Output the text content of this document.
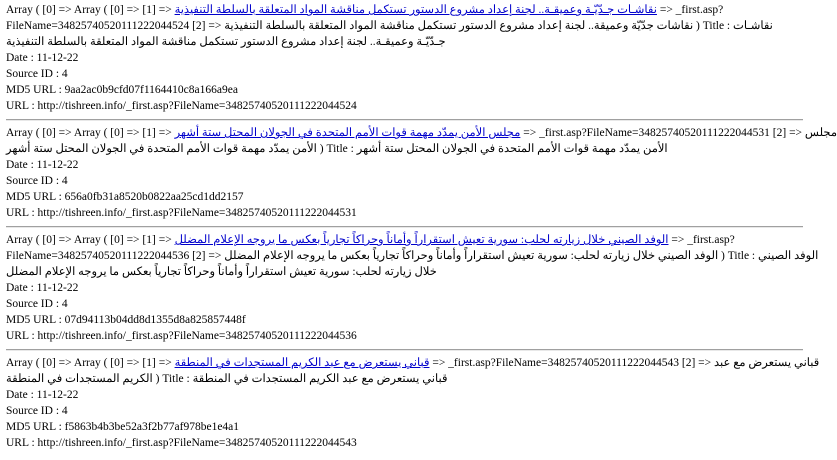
Array ( [0] => Array ( [0] => [1] => نقاشـات جـدّيّـة وعميقـة.. لجنة إعداد مشروع الدستور تستكمل مناقشة المواد المتعلقة بالسلطة التنفيذية => _first.asp?
FileName=34825740520111222044524 [2] => نقاشات جدّيّة وعميقة.. لجنة إعداد مشروع الدستور تستكمل مناقشة المواد المتعلقة بالسلطة التنفيذية ) Title : نقاشـات
جـدّيّـة وعميقـة.. لجنة إعداد مشروع الدستور تستكمل مناقشة المواد المتعلقة بالسلطة التنفيذية
Date : 11-12-22
Source ID : 4
MD5 URL : 9aa2ac0b9cfd07f1164410c8a166a9ea
URL : http://tishreen.info/_first.asp?FileName=34825740520111222044524
Array ( [0] => Array ( [0] => [1] => مجلس الأمن يمدّد مهمة قوات الأمم المتحدة في الجولان المحتل ستة أشهر => _first.asp?FileName=34825740520111222044531 [2] => مجلس
الأمن يمدّد مهمة قوات الأمم المتحدة في الجولان المحتل ستة أشهر ) Title : الأمن يمدّد مهمة قوات الأمم المتحدة في الجولان المحتل ستة أشهر
Date : 11-12-22
Source ID : 4
MD5 URL : 656a0fb31a8520b0822aa25cd1dd2157
URL : http://tishreen.info/_first.asp?FileName=34825740520111222044531
Array ( [0] => Array ( [0] => [1] => الوفد الصيني خلال زيارته لحلب: سورية تعيش استقراراً وأماناً وحراكاً تجارياً بعكس ما يروجه الإعلام المضلل => _first.asp?
FileName=34825740520111222044536 [2] => الوفد الصيني خلال زيارته لحلب: سورية تعيش استقراراً وأماناً وحراكاً تجارياً بعكس ما يروجه الإعلام المضلل ) Title : الوفد الصيني
خلال زيارته لحلب: سورية تعيش استقراراً وأماناً وحراكاً تجارياً بعكس ما يروجه الإعلام المضلل
Date : 11-12-22
Source ID : 4
MD5 URL : 07d94113b04dd8d1355d8a825857448f
URL : http://tishreen.info/_first.asp?FileName=34825740520111222044536
Array ( [0] => Array ( [0] => [1] => قباني يستعرض مع عبد الكريم المستجدات في المنطقة => _first.asp?FileName=34825740520111222044543 [2] => قباني يستعرض مع عبد
الكريم المستجدات في المنطقة ) Title : قباني يستعرض مع عبد الكريم المستجدات في المنطقة
Date : 11-12-22
Source ID : 4
MD5 URL : f5863b4b3be52a3f2b77af978be1e4a1
URL : http://tishreen.info/_first.asp?FileName=34825740520111222044543
